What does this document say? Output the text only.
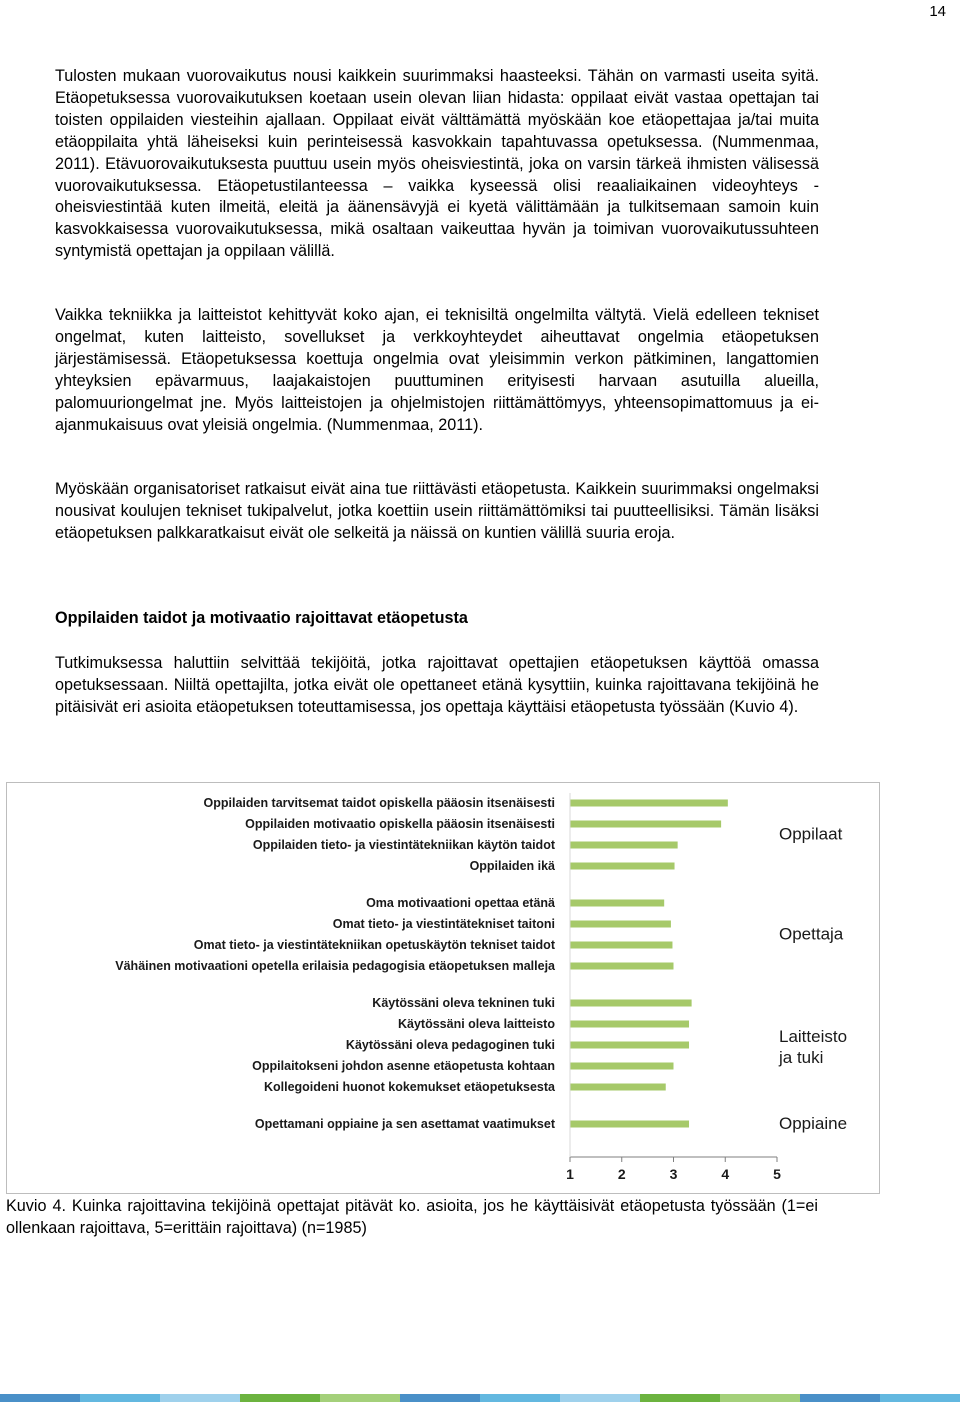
14

Tulosten mukaan vuorovaikutus nousi kaikkein suurimmaksi haasteeksi. Tähän on varmasti useita syitä. Etäopetuksessa vuorovaikutuksen koetaan usein olevan liian hidasta: oppilaat eivät vastaa opettajan tai toisten oppilaiden viesteihin ajallaan. Oppilaat eivät välttämättä myöskään koe etäopettajaa ja/tai muita etäoppilaita yhtä läheiseksi kuin perinteisessä kasvokkain tapahtuvassa opetuksessa. (Nummenmaa, 2011). Etävuorovaikutuksesta puuttuu usein myös oheisviestintä, joka on varsin tärkeä ihmisten välisessä vuorovaikutuksessa. Etäopetustilanteessa – vaikka kyseessä olisi reaaliaikainen videoyhteys - oheisviestintää kuten ilmeitä, eleitä ja äänensävyjä ei kyetä välittämään ja tulkitsemaan samoin kuin kasvokkaisessa vuorovaikutuksessa, mikä osaltaan vaikeuttaa hyvän ja toimivan vuorovaikutussuhteen syntymistä opettajan ja oppilaan välillä.

Vaikka tekniikka ja laitteistot kehittyvät koko ajan, ei teknisiltä ongelmilta vältytä. Vielä edelleen tekniset ongelmat, kuten laitteisto, sovellukset ja verkkoyhteydet aiheuttavat ongelmia etäopetuksen järjestämisessä. Etäopetuksessa koettuja ongelmia ovat yleisimmin verkon pätkiminen, langattomien yhteyksien epävarmuus, laajakaistojen puuttuminen erityisesti harvaan asutuilla alueilla, palomuuriongelmat jne. Myös laitteistojen ja ohjelmistojen riittämättömyys, yhteensopimattomuus ja ei-ajanmukaisuus ovat yleisiä ongelmia. (Nummenmaa, 2011).

Myöskään organisatoriset ratkaisut eivät aina tue riittävästi etäopetusta. Kaikkein suurimmaksi ongelmaksi nousivat koulujen tekniset tukipalvelut, jotka koettiin usein riittämättömiksi tai puutteellisiksi. Tämän lisäksi etäopetuksen palkkaratkaisut eivät ole selkeitä ja näissä on kuntien välillä suuria eroja.

Oppilaiden taidot ja motivaatio rajoittavat etäopetusta

Tutkimuksessa haluttiin selvittää tekijöitä, jotka rajoittavat opettajien etäopetuksen käyttöä omassa opetuksessaan. Niiltä opettajilta, jotka eivät ole opettaneet etänä kysyttiin, kuinka rajoittavana tekijöinä he pitäisivät eri asioita etäopetuksen toteuttamisessa, jos opettaja käyttäisi etäopetusta työssään (Kuvio 4).

Oppilaiden tarvitsemat taidot opiskella pääosin itsenäisesti
Oppilaiden motivaatio opiskella pääosin itsenäisesti
Oppilaiden tieto- ja viestintätekniikan käytön taidot
Oppilaiden ikä
Oppilaat
Oma motivaationi opettaa etänä
Omat tieto- ja viestintätekniset taitoni
Omat tieto- ja viestintätekniikan opetuskäytön tekniset taidot
Vähäinen motivaationi opetella erilaisia pedagogisia etäopetuksen malleja
Opettaja
Käytössäni oleva tekninen tuki
Käytössäni oleva laitteisto
Käytössäni oleva pedagoginen tuki
Oppilaitokseni johdon asenne etäopetusta kohtaan
Kollegoideni huonot kokemukset etäopetuksesta
Laitteisto ja tuki
Opettamani oppiaine ja sen asettamat vaatimukset	Oppiaine
1	2	3	4	5

Kuvio 4. Kuinka rajoittavina tekijöinä opettajat pitävät ko. asioita, jos he käyttäisivät etäopetusta työssään (1=ei ollenkaan rajoittava, 5=erittäin rajoittava) (n=1985)
